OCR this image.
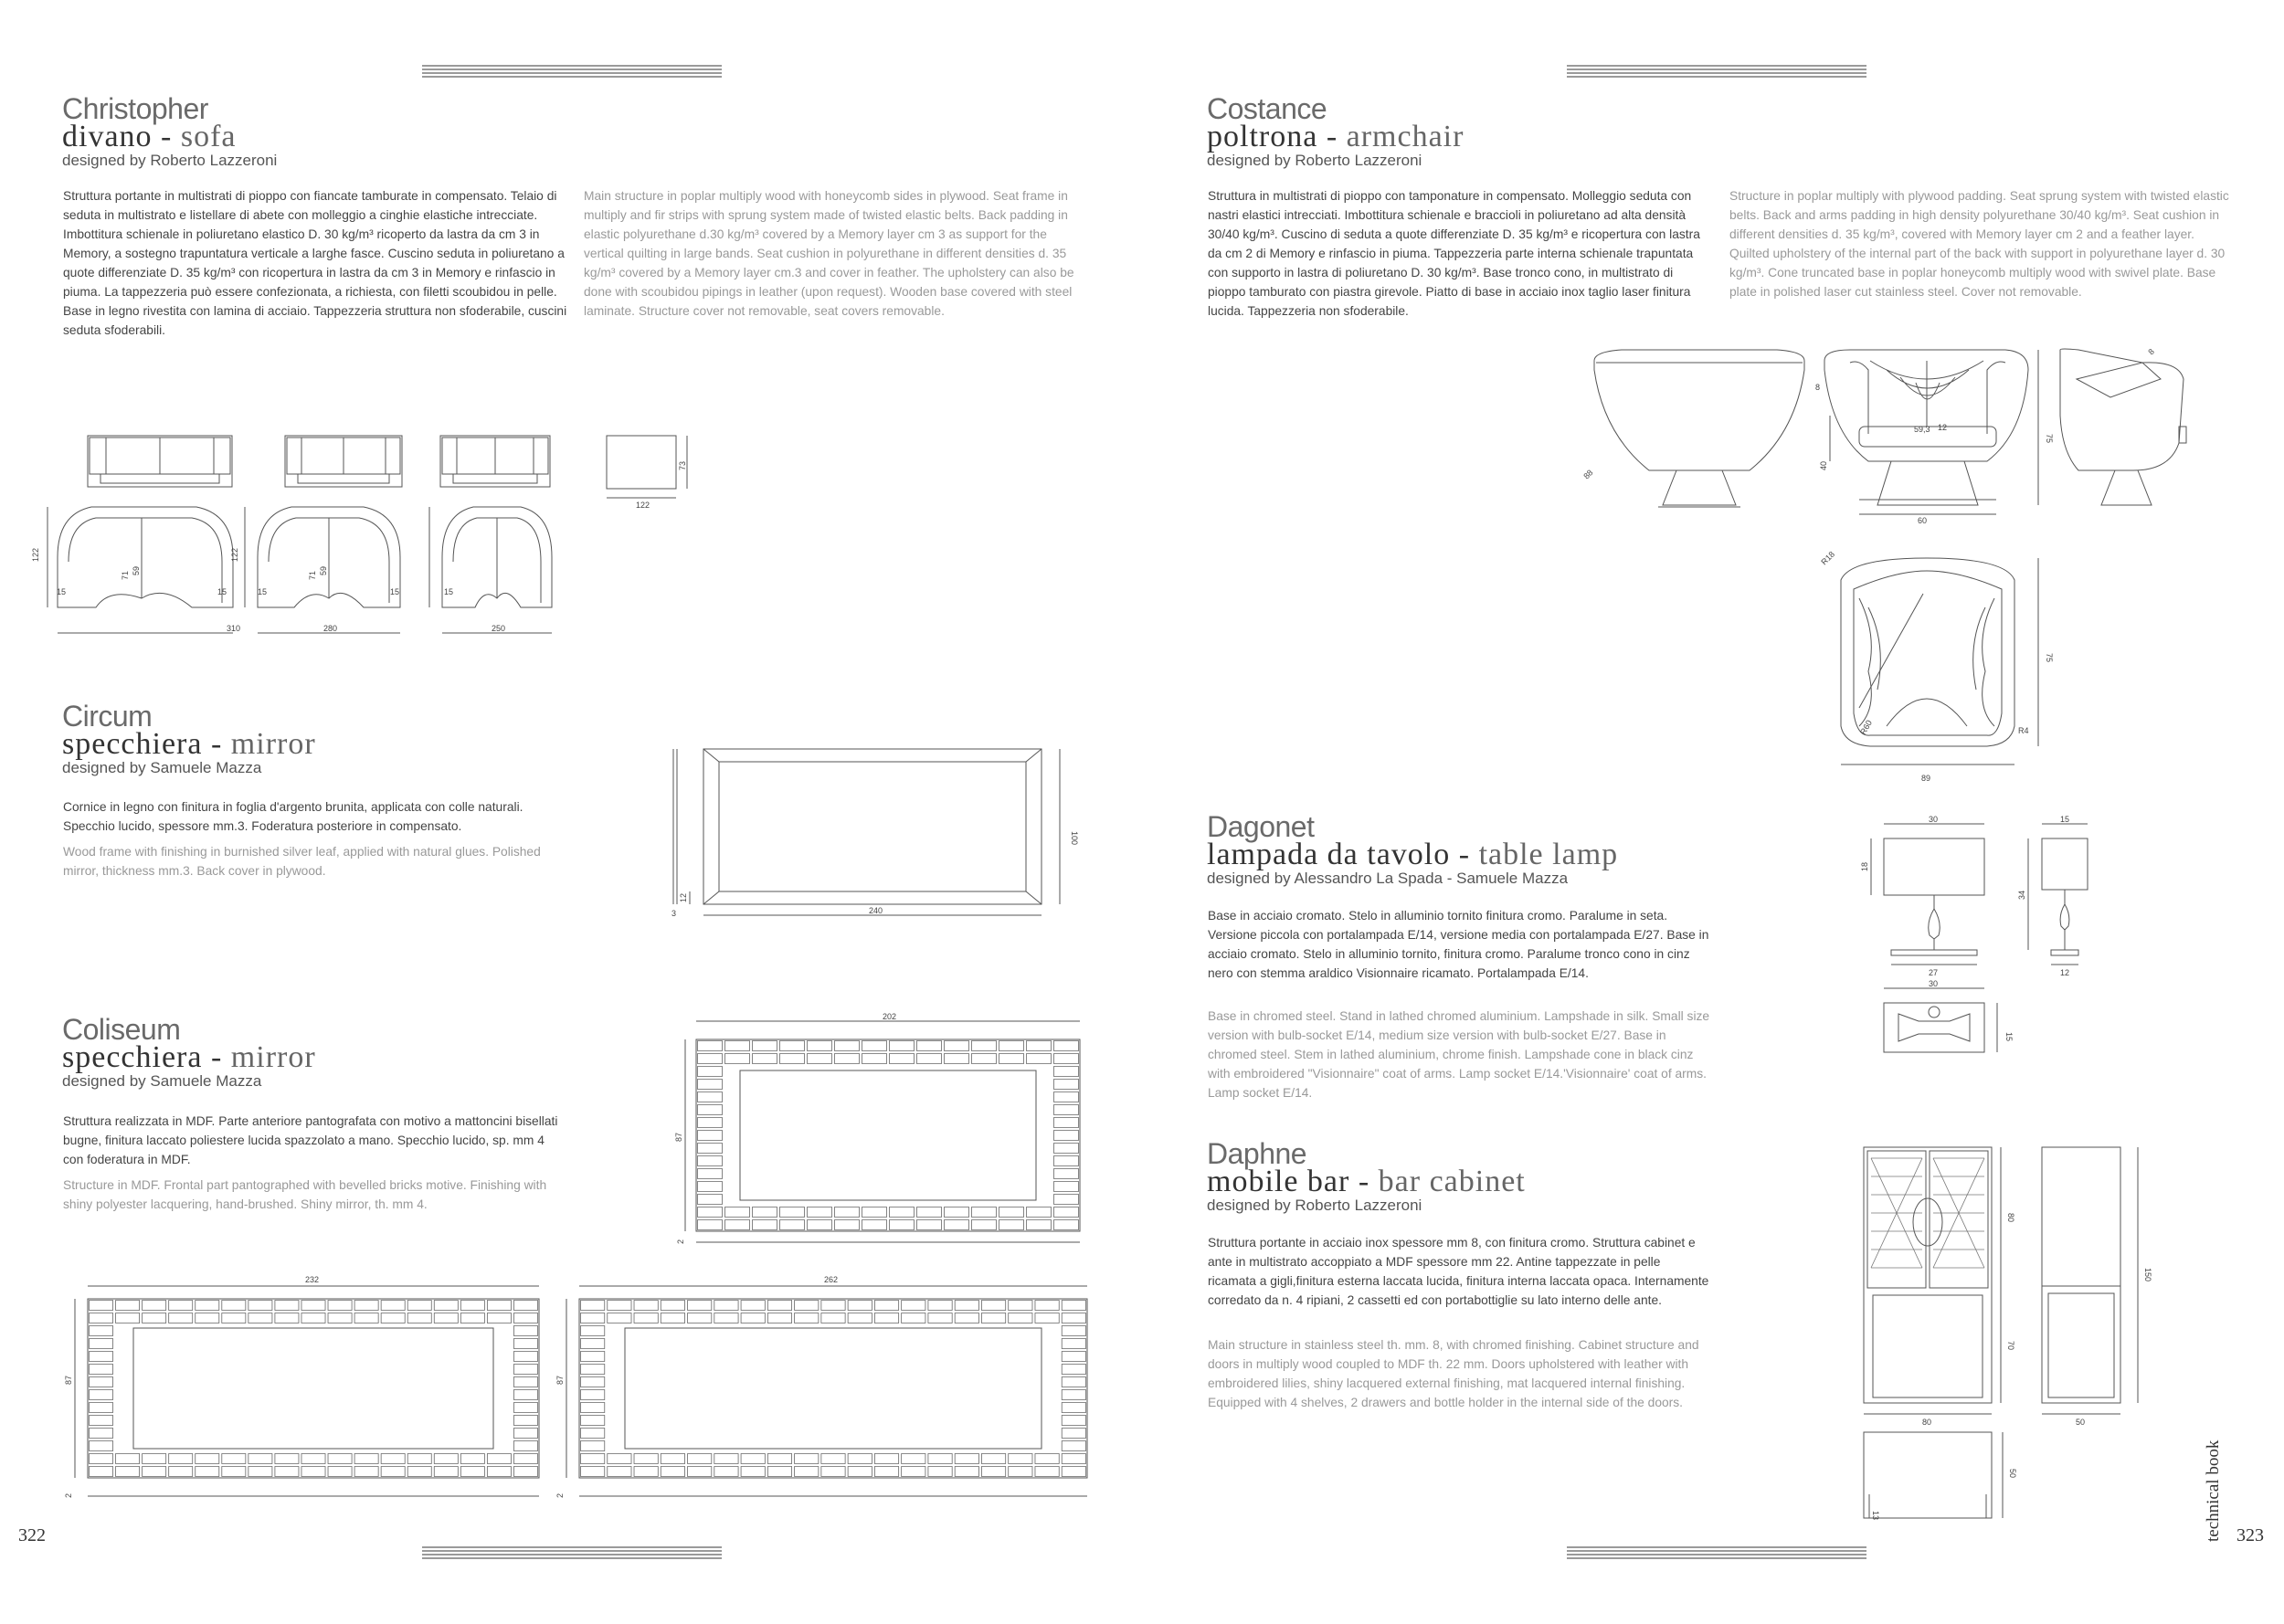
Christopher
divano - sofa
designed by Roberto Lazzeroni
Struttura portante in multistrati di pioppo con fiancate tamburate in compensato. Telaio di seduta in multistrato e listellare di abete con molleggio a cinghie elastiche intrecciate. Imbottitura schienale in poliuretano elastico D. 30 kg/m³ ricoperto da lastra da cm 3 in Memory, a sostegno trapuntatura verticale a larghe fasce. Cuscino seduta in poliuretano a quote differenziate D. 35 kg/m³ con ricopertura in lastra da cm 3 in Memory e rinfascio in piuma. La tappezzeria può essere confezionata, a richiesta, con filetti scoubidou in pelle. Base in legno rivestita con lamina di acciaio. Tappezzeria struttura non sfoderabile, cuscini seduta sfoderabili.
Main structure in poplar multiply wood with honeycomb sides in plywood. Seat frame in multiply and fir strips with sprung system made of twisted elastic belts. Back padding in elastic polyurethane d.30 kg/m³ covered by a Memory layer cm 3 as support for the vertical quilting in large bands. Seat cushion in polyurethane in different densities d. 35 kg/m³ covered by a Memory layer cm.3 and cover in feather. The upholstery can also be done with scoubidou pipings in leather (upon request). Wooden base covered with steel laminate. Structure cover not removable, seat covers removable.
122
15
71 59
310
15
122
15
71 59
280
15	15
250
73
122
Circum
specchiera - mirror
designed by Samuele Mazza
Cornice in legno con finitura in foglia d'argento brunita, applicata con colle naturali. Specchio lucido, spessore mm.3. Foderatura posteriore in compensato.
Wood frame with finishing in burnished silver leaf, applied with natural glues. Polished mirror, thickness mm.3. Back cover in plywood.
100
12
3	240
Coliseum
specchiera - mirror
designed by Samuele Mazza
Struttura realizzata in MDF. Parte anteriore pantografata con motivo a mattoncini bisellati bugne, finitura laccato poliestere lucida spazzolato a mano. Specchio lucido, sp. mm 4 con foderatura in MDF.
Structure in MDF. Frontal part pantographed with bevelled bricks motive. Finishing with shiny polyester lacquering, hand-brushed. Shiny mirror, th. mm 4.
202
87
2
232
87
2
262
87
2
322
Costance
poltrona - armchair
designed by Roberto Lazzeroni
Struttura in multistrati di pioppo con tamponature in compensato. Molleggio seduta con nastri elastici intrecciati. Imbottitura schienale e braccioli in poliuretano ad alta densità 30/40 kg/m³. Cuscino di seduta a quote differenziate D. 35 kg/m³ e ricopertura con lastra da cm 2 di Memory e rinfascio in piuma. Tappezzeria parte interna schienale trapuntata con supporto in lastra di poliuretano D. 30 kg/m³. Base tronco cono, in multistrato di pioppo tamburato con piastra girevole. Piatto di base in acciaio inox taglio laser finitura lucida. Tappezzeria non sfoderabile.
Structure in poplar multiply with plywood padding. Seat sprung system with twisted elastic belts. Back and arms padding in high density polyurethane 30/40 kg/m³. Seat cushion in different densities d. 35 kg/m³, covered with Memory layer cm 2 and a feather layer. Quilted upholstery of the internal part of the back with support in polyurethane layer d. 30 kg/m³. Cone truncated base in poplar honeycomb multiply wood with swivel plate. Base plate in polished laser cut stainless steel. Cover not removable.
88
8
59,3 12
40
75
60
8
R18
75
R60	R4
89
Dagonet
lampada da tavolo - table lamp
designed by Alessandro La Spada - Samuele Mazza
Base in acciaio cromato. Stelo in alluminio tornito finitura cromo. Paralume in seta. Versione piccola con portalampada E/14, versione media con portalampada E/27. Base in acciaio cromato. Stelo in alluminio tornito, finitura cromo. Paralume tronco cono in cinz nero con stemma araldico Visionnaire ricamato. Portalampada E/14.
Base in chromed steel. Stand in lathed chromed aluminium. Lampshade in silk. Small size version with bulb-socket E/14, medium size version with bulb-socket E/27. Base in chromed steel. Stem in lathed aluminium, chrome finish. Lampshade cone in black cinz with embroidered "Visionnaire" coat of arms. Lamp socket E/14.'Visionnaire' coat of arms. Lamp socket E/14.
30
18
27
15
34
12
30
15
Daphne
mobile bar - bar cabinet
designed by Roberto Lazzeroni
Struttura portante in acciaio inox spessore mm 8, con finitura cromo. Struttura cabinet e ante in multistrato accoppiato a MDF spessore mm 22. Antine tappezzate in pelle ricamata a gigli,finitura esterna laccata lucida, finitura interna laccata opaca. Internamente corredato da n. 4 ripiani, 2 cassetti ed con portabottiglie su lato interno delle ante.
Main structure in stainless steel th. mm. 8, with chromed finishing. Cabinet structure and doors in multiply wood coupled to MDF th. 22 mm. Doors upholstered with leather with embroidered lilies, shiny lacquered external finishing, mat lacquered internal finishing. Equipped with 4 shelves, 2 drawers and bottle holder in the internal side of the doors.
80
150
70
80	50
50
13	technical book 323
